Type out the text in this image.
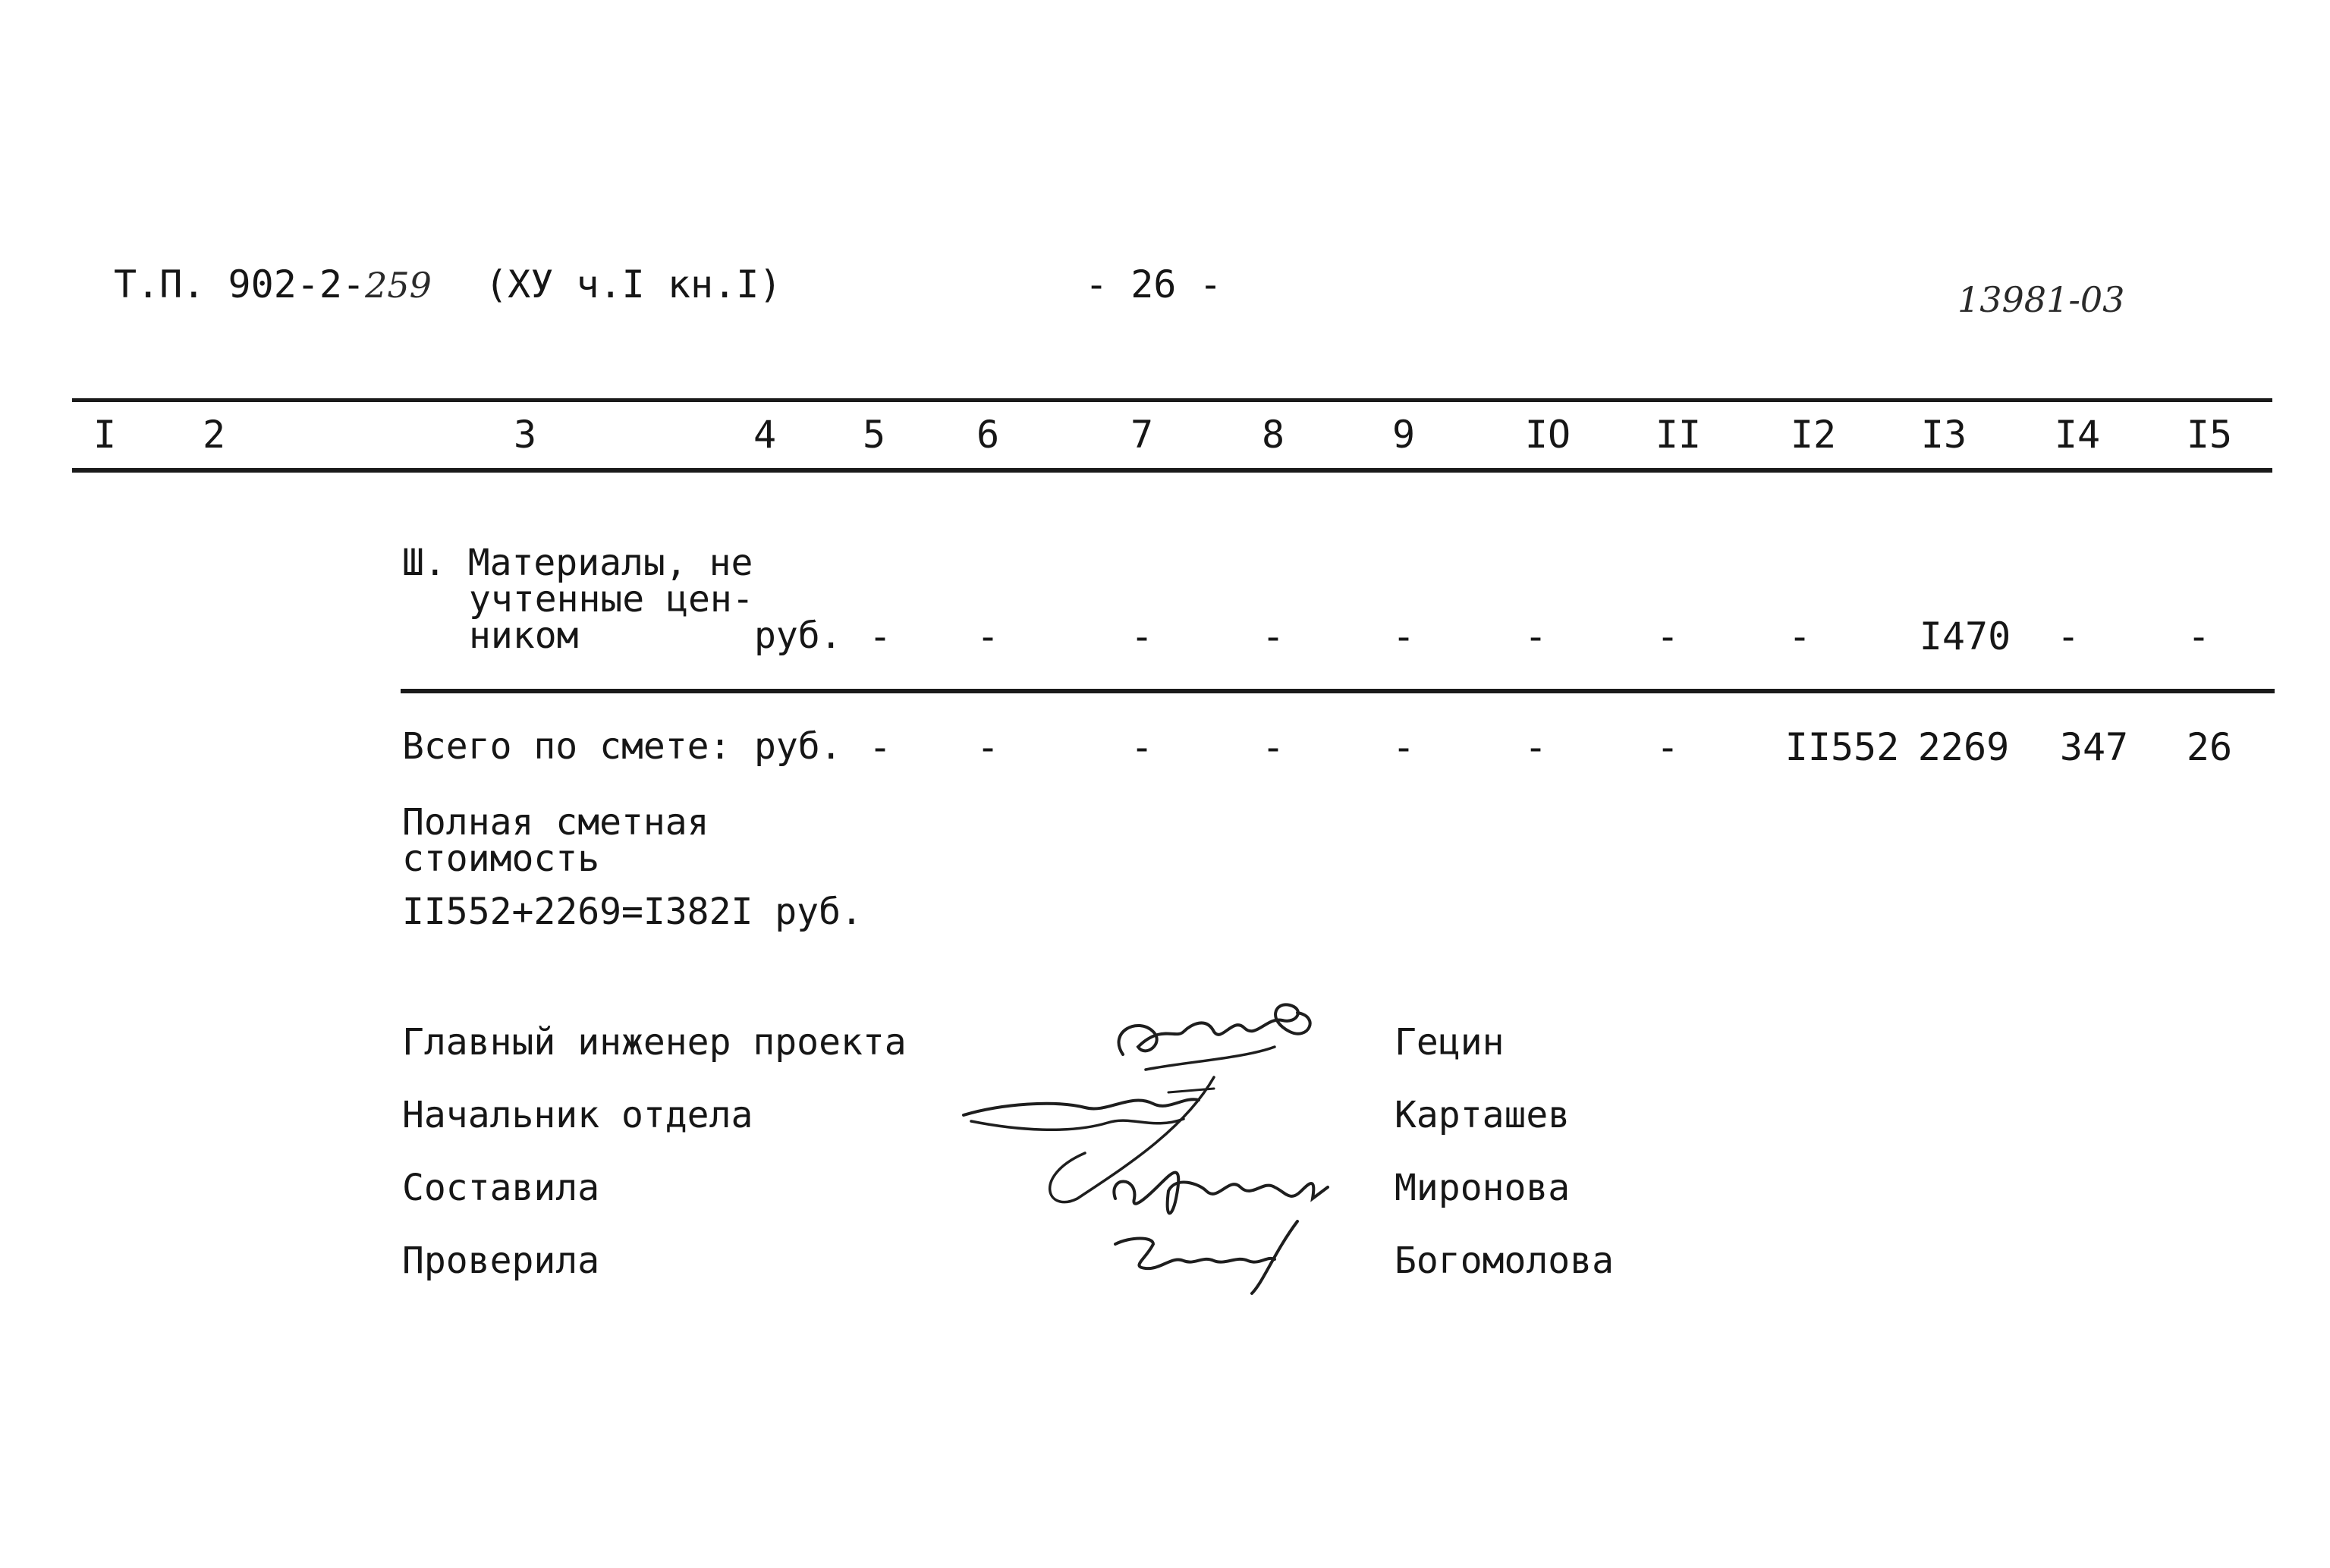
Т.П. 902-2-259 (XУ ч.I кн.I)	- 26 -	13981-03
I 2	3	4 5 6	7	8	9	IO II I2 I3 I4 I5
Ш. Материалы, не
учтенные цен-
ником	руб. - -	-	-	-	-	-	-	I470 -	-
Всего по смете: руб. - -	-	-	-	-	-	II552 2269 347 26
Полная сметная
стоимость
II552+2269=I382I руб.
Главный инженер проекта	Гецин
Начальник отдела	Карташев
Составила	Миронова
Проверила	Богомолова
